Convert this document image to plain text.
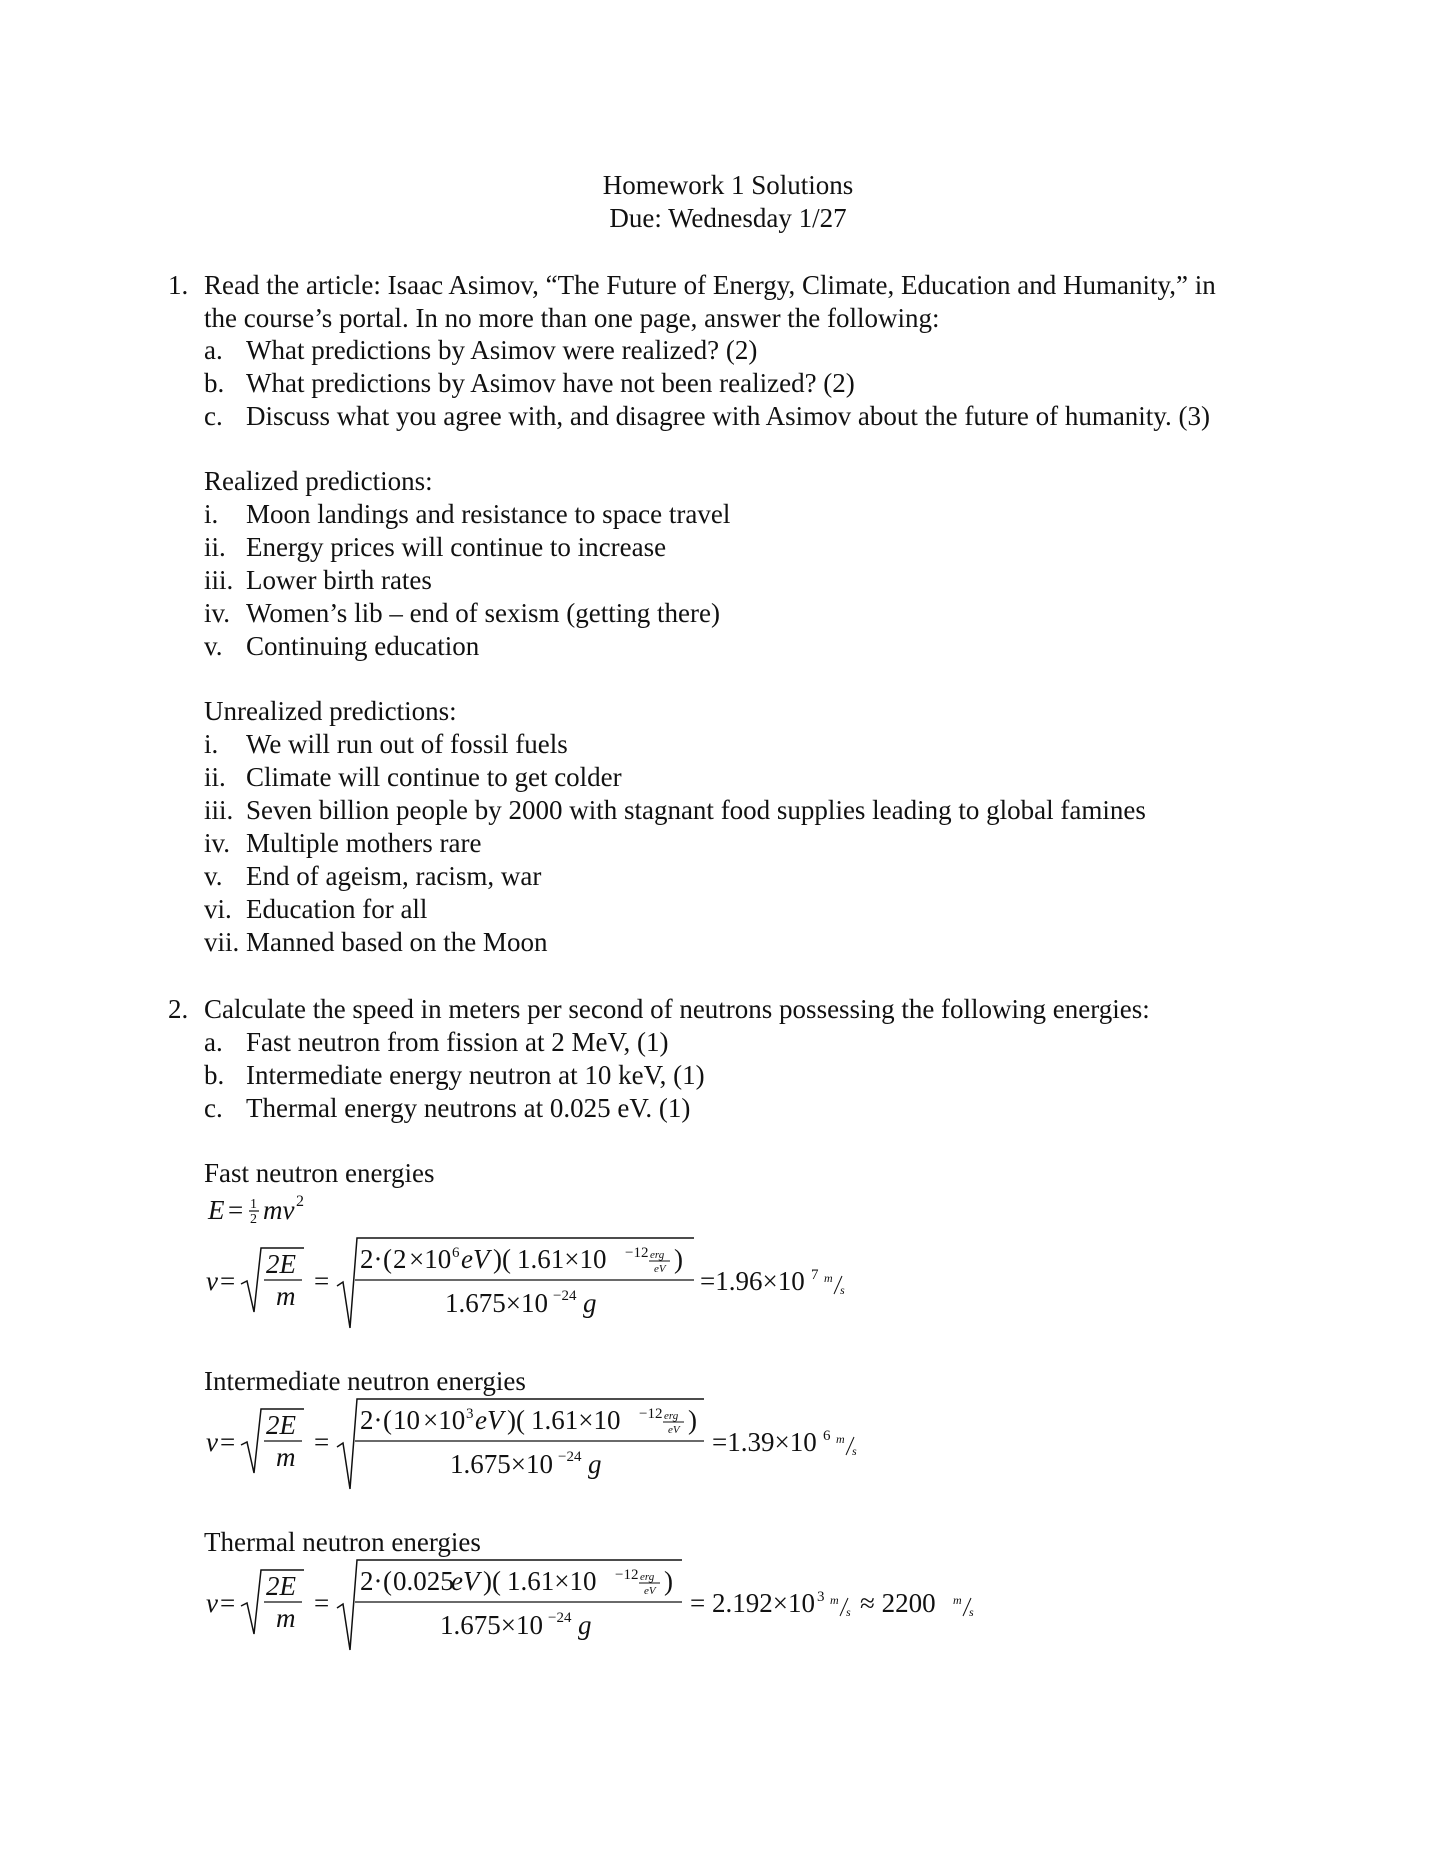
Homework 1 Solutions
Due: Wednesday 1/27
1. Read the article: Isaac Asimov, “The Future of Energy, Climate, Education and Humanity,” in
the course’s portal. In no more than one page, answer the following:
a. What predictions by Asimov were realized? (2)
b. What predictions by Asimov have not been realized? (2)
c. Discuss what you agree with, and disagree with Asimov about the future of humanity. (3)
Realized predictions:
i. Moon landings and resistance to space travel
ii. Energy prices will continue to increase
iii. Lower birth rates
iv. Women’s lib – end of sexism (getting there)
v. Continuing education
Unrealized predictions:
i. We will run out of fossil fuels
ii. Climate will continue to get colder
iii. Seven billion people by 2000 with stagnant food supplies leading to global famines
iv. Multiple mothers rare
v. End of ageism, racism, war
vi. Education for all
vii. Manned based on the Moon
2. Calculate the speed in meters per second of neutrons possessing the following energies:
a. Fast neutron from fission at 2 MeV, (1)
b. Intermediate energy neutron at 10 keV, (1)
c. Thermal energy neutrons at 0.025 eV. (1)
Fast neutron energies
Intermediate neutron energies
Thermal neutron energies
E = 1
2 mv 2
v =
2E
m =
2· ( 2 ×10 6 eV )( 1.61×10 −12 erg
eV )
1.675×10 −24 g
=1.96×10 7 m
s
v =
2E
m =
2· ( 10 ×10 3 eV )( 1.61×10 −12 erg
eV )
1.675×10 −24 g
=1.39×10 6 m
s
v =
2E
m =
2· ( 0.025
eV )( 1.61×10 −12 erg
eV )
1.675×10 −24 g
= 2.192×10 3 m
s ≈ 2200 m
s
